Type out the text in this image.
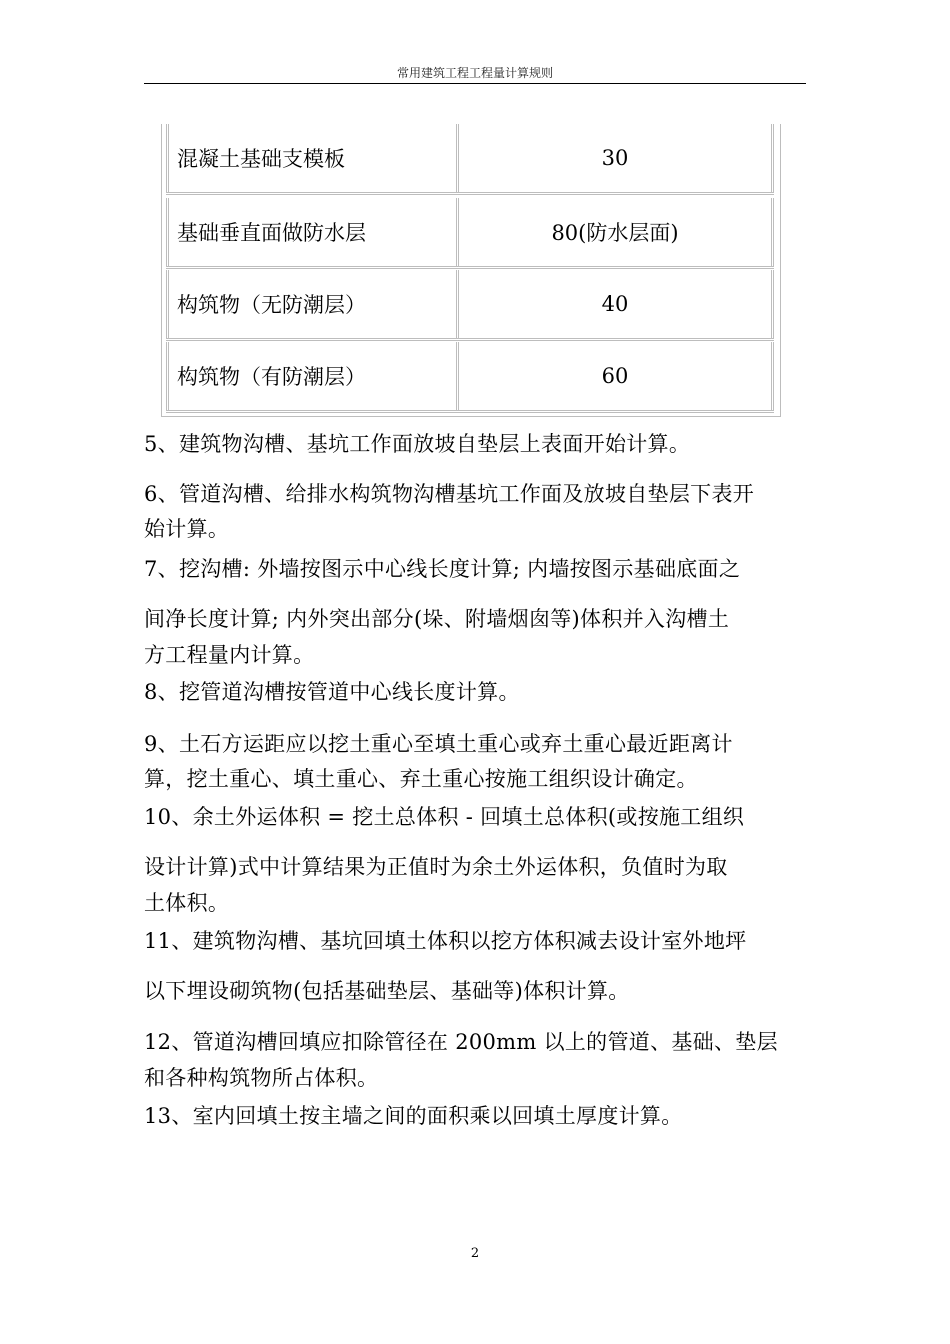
常用建筑工程工程量计算规则
混凝土基础支模板	30
基础垂直面做防水层	80(防水层面)
构筑物（无防潮层）	40
构筑物（有防潮层）	60
5、建筑物沟槽、基坑工作面放坡自垫层上表面开始计算。
6、管道沟槽、给排水构筑物沟槽基坑工作面及放坡自垫层下表开
始计算。
7、挖沟槽: 外墙按图示中心线长度计算; 内墙按图示基础底面之
间净长度计算; 内外突出部分(垛、附墙烟囱等)体积并入沟槽土
方工程量内计算。
8、挖管道沟槽按管道中心线长度计算。
9、土石方运距应以挖土重心至填土重心或弃土重心最近距离计
算，挖土重心、填土重心、弃土重心按施工组织设计确定。
10、余土外运体积 = 挖土总体积 - 回填土总体积(或按施工组织
设计计算)式中计算结果为正值时为余土外运体积，负值时为取
土体积。
11、建筑物沟槽、基坑回填土体积以挖方体积减去设计室外地坪
以下埋设砌筑物(包括基础垫层、基础等)体积计算。
12、管道沟槽回填应扣除管径在 200mm 以上的管道、基础、垫层
和各种构筑物所占体积。
13、室内回填土按主墙之间的面积乘以回填土厚度计算。
2
